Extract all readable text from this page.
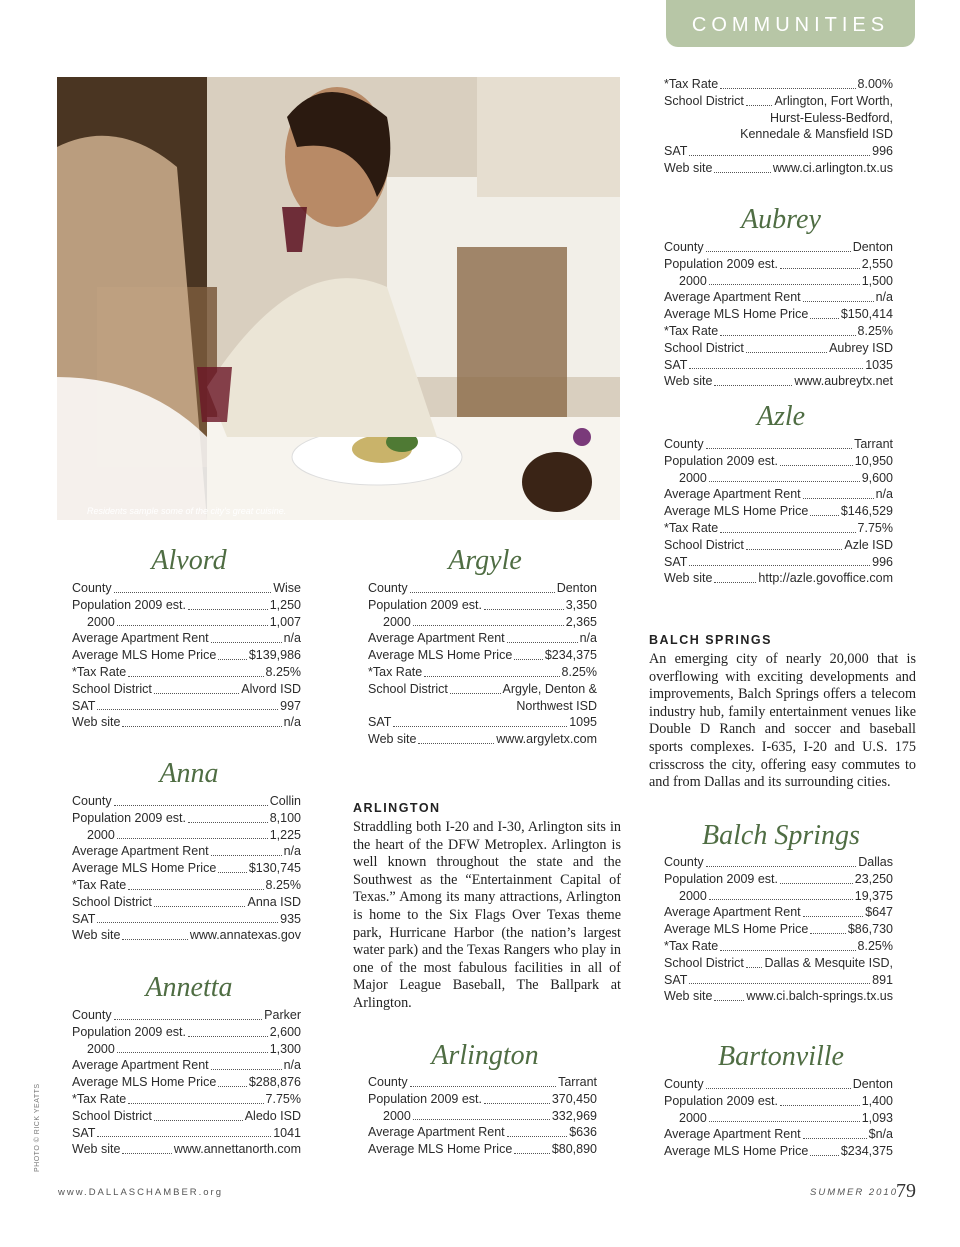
COMMUNITIES
Residents sample some of the city's great cuisine.
*Tax Rate	8.00%
School District Arlington, Fort Worth,
Hurst-Euless-Bedford,
Kennedale & Mansfield ISD
SAT	996
Web site	www.ci.arlington.tx.us
Aubrey
County	Denton
Population 2009 est.	2,550
2000	1,500
Average Apartment Rent	n/a
Average MLS Home Price	$150,414
*Tax Rate	8.25%
School District	Aubrey ISD
SAT	1035
Web site	www.aubreytx.net
Azle
County	Tarrant
Population 2009 est.	10,950
2000	9,600
Average Apartment Rent	n/a
Average MLS Home Price	$146,529
*Tax Rate	7.75%
School District	Azle ISD
SAT	996
Web site	http://azle.govoffice.com
BALCH SPRINGS
An emerging city of nearly 20,000 that is overflowing with exciting developments and improvements, Balch Springs offers a telecom industry hub, family entertainment venues like Double D Ranch and soccer and baseball sports complexes. I-635, I-20 and U.S. 175 crisscross the city, offering easy commutes to and from Dallas and its surrounding cities.
Balch Springs
County	Dallas
Population 2009 est.	23,250
2000	19,375
Average Apartment Rent	$647
Average MLS Home Price	$86,730
*Tax Rate	8.25%
School District Dallas & Mesquite ISD,
SAT	891
Web site	www.ci.balch-springs.tx.us
Bartonville
County	Denton
Population 2009 est.	1,400
2000	1,093
Average Apartment Rent	$n/a
Average MLS Home Price	$234,375
Alvord
County	Wise
Population 2009 est.	1,250
2000	1,007
Average Apartment Rent	n/a
Average MLS Home Price	$139,986
*Tax Rate	8.25%
School District	Alvord ISD
SAT	997
Web site	n/a
Anna
County	Collin
Population 2009 est.	8,100
2000	1,225
Average Apartment Rent	n/a
Average MLS Home Price	$130,745
*Tax Rate	8.25%
School District	Anna ISD
SAT	935
Web site	www.annatexas.gov
Annetta
County	Parker
Population 2009 est.	2,600
2000	1,300
Average Apartment Rent	n/a
Average MLS Home Price	$288,876
*Tax Rate	7.75%
School District	Aledo ISD
SAT	1041
Web site	www.annettanorth.com
Argyle
County	Denton
Population 2009 est.	3,350
2000	2,365
Average Apartment Rent	n/a
Average MLS Home Price	$234,375
*Tax Rate	8.25%
School District	Argyle, Denton &
Northwest ISD
SAT	1095
Web site	www.argyletx.com
ARLINGTON
Straddling both I-20 and I-30, Arlington sits in the heart of the DFW Metroplex. Arlington is well known throughout the state and the Southwest as the “Entertainment Capital of Texas.” Among its many attractions, Arlington is home to the Six Flags Over Texas theme park, Hurricane Harbor (the nation’s largest water park) and the Texas Rangers who play in one of the most fabulous facilities in all of Major League Baseball, The Ballpark at Arlington.
Arlington
County	Tarrant
Population 2009 est.	370,450
2000	332,969
Average Apartment Rent	$636
Average MLS Home Price	$80,890
PHOTO © RICK YEATTS
www.DALLASCHAMBER.org	SUMMER 2010
79
